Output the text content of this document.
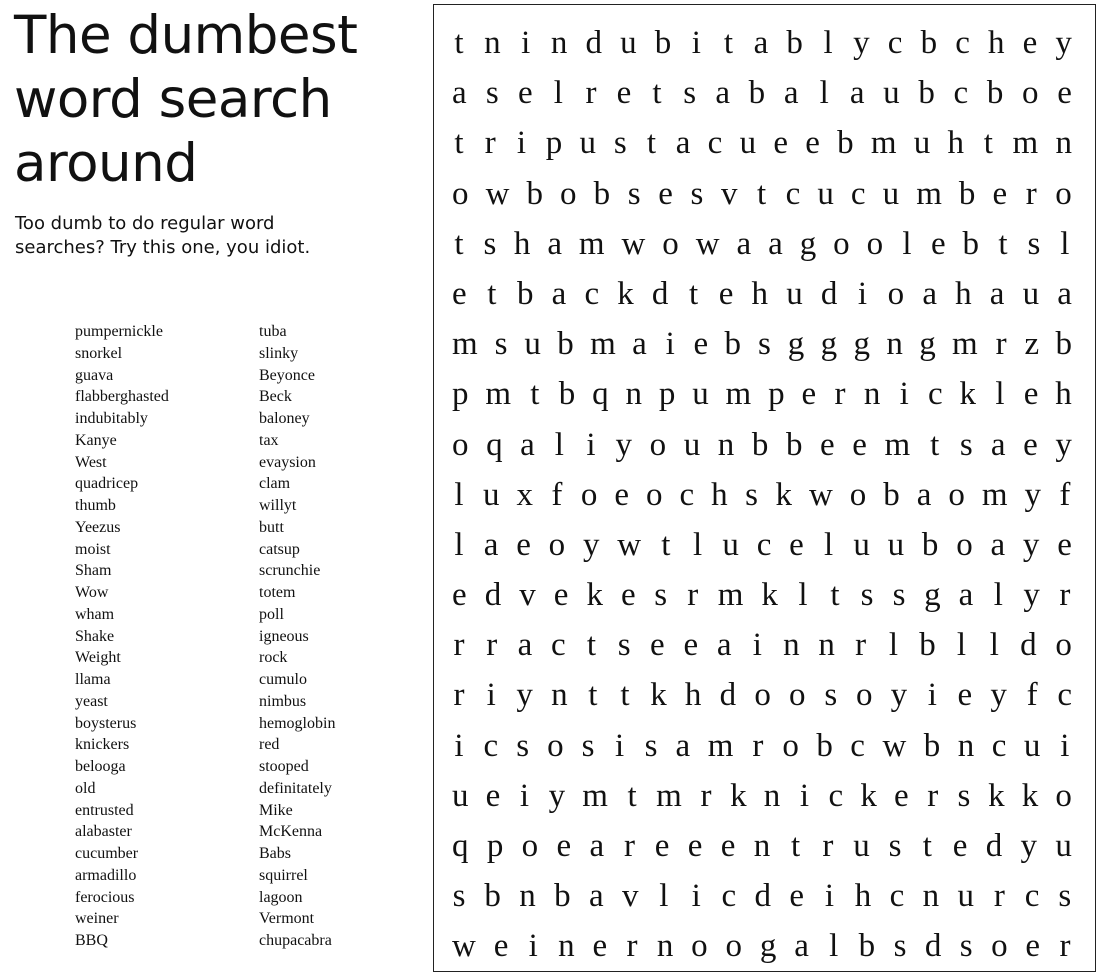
The dumbest word search around

Too dumb to do regular word searches? Try this one, you idiot.

pumpernickle
snorkel
guava
flabberghasted
indubitably
Kanye
West
quadricep
thumb
Yeezus
moist
Sham
Wow
wham
Shake
Weight
llama
yeast
boysterus
knickers
belooga
old
entrusted
alabaster
cucumber
armadillo
ferocious
weiner
BBQ
tuba
slinky
Beyonce
Beck
baloney
tax
evaysion
clam
willyt
butt
catsup
scrunchie
totem
poll
igneous
rock
cumulo
nimbus
hemoglobin
red
stooped
definitately
Mike
McKenna
Babs
squirrel
lagoon
Vermont
chupacabra
t n i n d u b i t a b l y c b c h e y
a s e l r e t s a b a l a u b c b o e
t r i p u s t a c u e e b m u h t m n
o w b o b s e s v t c u c u m b e r o
t s h a m w o w a a g o o l e b t s l
e t b a c k d t e h u d i o a h a u a
m s u b m a i e b s g g g n g m r z b
p m t b q n p u m p e r n i c k l e h
o q a l i y o u n b b e e m t s a e y
l u x f o e o c h s k w o b a o m y f
l a e o y w t l u c e l u u b o a y e
e d v e k e s r m k l t s s g a l y r
r r a c t s e e a i n n r l b l l d o
r i y n t t k h d o o s o y i e y f c
i c s o s i s a m r o b c w b n c u i
u e i y m t m r k n i c k e r s k k o
q p o e a r e e e n t r u s t e d y u
s b n b a v l i c d e i h c n u r c s
w e i n e r n o o g a l b s d s o e r
